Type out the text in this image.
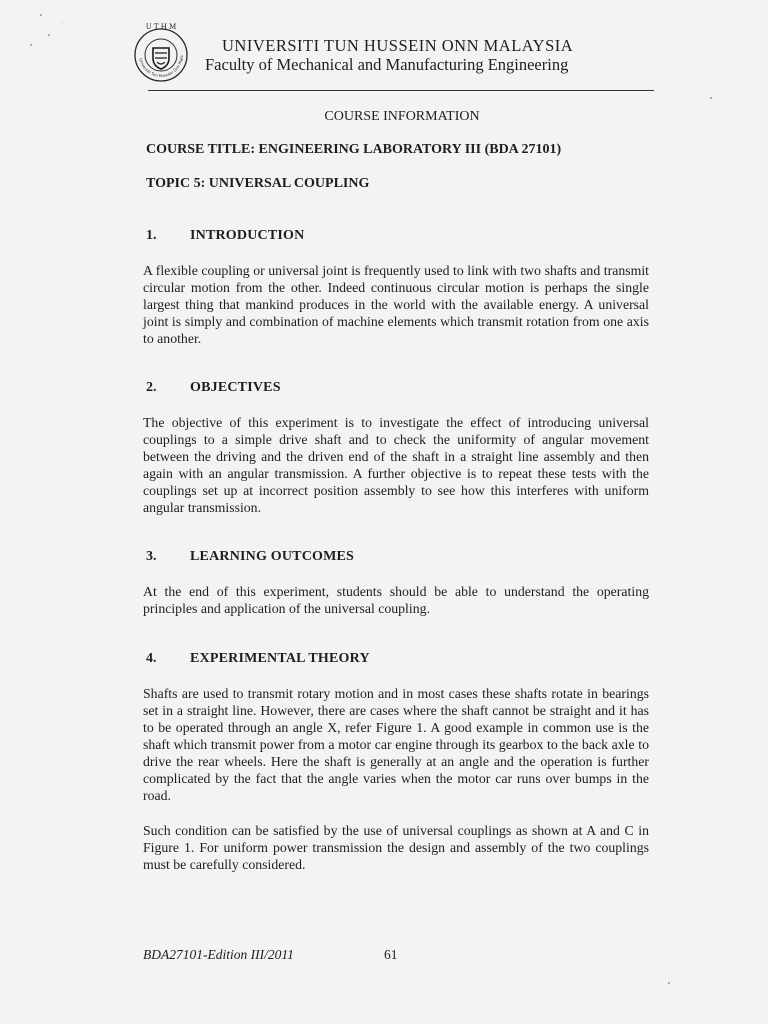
U T H M
Universiti Tun Hussein Onn Mala
UNIVERSITI TUN HUSSEIN ONN MALAYSIA
Faculty of Mechanical and Manufacturing Engineering
COURSE INFORMATION
COURSE TITLE: ENGINEERING LABORATORY III (BDA 27101)
TOPIC 5: UNIVERSAL COUPLING
1. INTRODUCTION
A flexible coupling or universal joint is frequently used to link with two shafts and transmit circular motion from the other. Indeed continuous circular motion is perhaps the single largest thing that mankind produces in the world with the available energy. A universal joint is simply and combination of machine elements which transmit rotation from one axis to another.
2. OBJECTIVES
The objective of this experiment is to investigate the effect of introducing universal couplings to a simple drive shaft and to check the uniformity of angular movement between the driving and the driven end of the shaft in a straight line assembly and then again with an angular transmission. A further objective is to repeat these tests with the couplings set up at incorrect position assembly to see how this interferes with uniform angular transmission.
3. LEARNING OUTCOMES
At the end of this experiment, students should be able to understand the operating principles and application of the universal coupling.
4. EXPERIMENTAL THEORY
Shafts are used to transmit rotary motion and in most cases these shafts rotate in bearings set in a straight line. However, there are cases where the shaft cannot be straight and it has to be operated through an angle X, refer Figure 1. A good example in common use is the shaft which transmit power from a motor car engine through its gearbox to the back axle to drive the rear wheels. Here the shaft is generally at an angle and the operation is further complicated by the fact that the angle varies when the motor car runs over bumps in the road.
Such condition can be satisfied by the use of universal couplings as shown at A and C in Figure 1. For uniform power transmission the design and assembly of the two couplings must be carefully considered.
BDA27101-Edition III/2011	61
